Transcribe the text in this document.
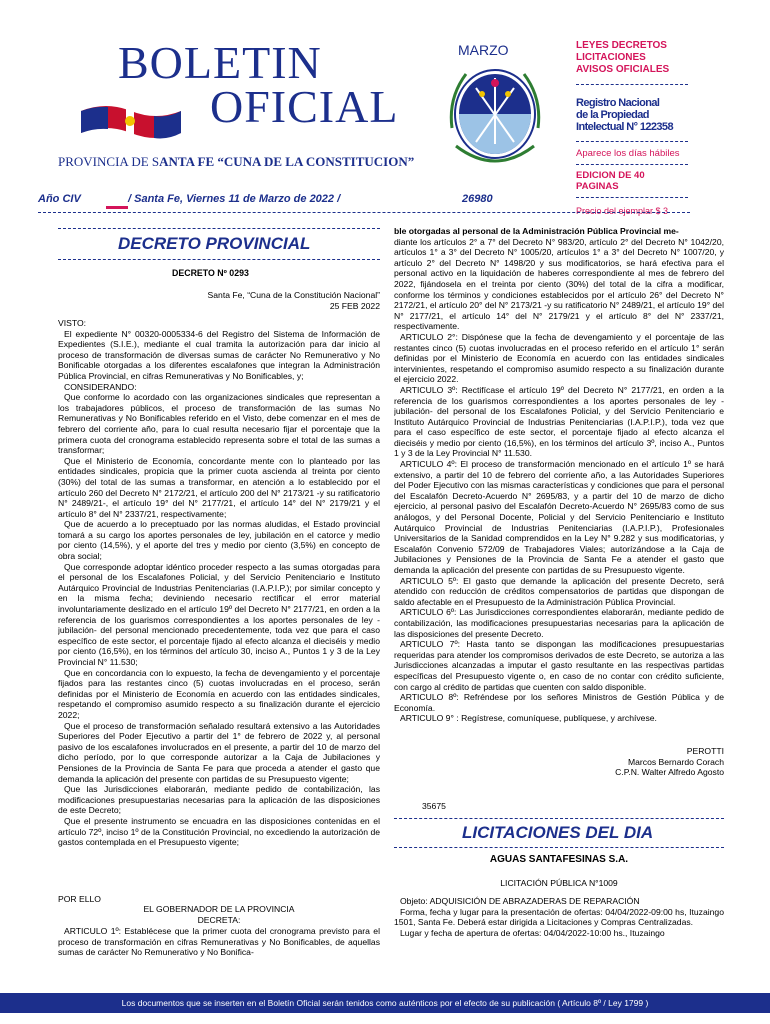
BOLETIN
OFICIAL
PROVINCIA DE SANTA FE “CUNA DE LA CONSTITUCION”
MARZO	LEYES DECRETOS
LICITACIONES
AVISOS OFICIALES
Registro Nacional
de la Propiedad
Intelectual N° 122358
Aparece los días hábiles
EDICION DE 40 PAGINAS
Precio del ejemplar $ 3
Año CIV	/ Santa Fe, Viernes 11 de Marzo de 2022 /	26980
DECRETO PROVINCIAL
DECRETO Nº 0293
Santa Fe, “Cuna de la Constitución Nacional”
25 FEB 2022

VISTO:

El expediente N° 00320-0005334-6 del Registro del Sistema de Información de Expedientes (S.I.E.), mediante el cual tramita la autorización para dar inicio al proceso de transformación de diversas sumas de carácter No Remunerativo y No Bonificable otorgadas a los diferentes escalafones que integran la Administración Pública Provincial, en cifras Remunerativas y No Bonificables, y;

CONSIDERANDO:

Que conforme lo acordado con las organizaciones sindicales que representan a los trabajadores públicos, el proceso de transformación de las sumas No Remunerativas y No Bonificables referido en el Visto, debe comenzar en el mes de febrero del corriente año, para lo cual resulta necesario fijar el porcentaje que la primera cuota del cronograma establecido representa sobre el total de las sumas a transformar;

Que el Ministerio de Economía, concordante mente con lo planteado por las entidades sindicales, propicia que la primer cuota ascienda al treinta por ciento (30%) del total de las sumas a transformar, en atención a lo establecido por el artículo 260 del Decreto N° 2172/21, el artículo 200 del N° 2173/21 -y su ratificatorio N° 2489/21-, el artículo 19° del N° 2177/21, el artículo 14° del N° 2179/21 y el artículo 8° del N° 2337/21, respectivamente;

Que de acuerdo a lo preceptuado por las normas aludidas, el Estado provincial tomará a su cargo los aportes personales de ley, jubilación en el catorce y medio por ciento (14,5%), y el aporte del tres y medio por ciento (3,5%) en concepto de obra social;

Que corresponde adoptar idéntico proceder respecto a las sumas otorgadas para el personal de los Escalafones Policial, y del Servicio Penitenciario e Instituto Autárquico Provincial de Industrias Penitenciarias (I.A.P.I.P.); por similar concepto y en la misma fecha; deviniendo necesario rectificar el error material involuntariamente deslizado en el artículo 19º del Decreto N° 2177/21, en orden a la referencia de los guarismos correspondientes a los aportes personales de ley -jubilación- del personal mencionado precedentemente, toda vez que para el caso específico de este sector, el porcentaje fijado al efecto alcanza el dieciséis y medio por ciento (16,5%), en los términos del artículo 30, inciso A., Puntos 1 y 3 de la Ley Provincial N° 11.530;

Que en concordancia con lo expuesto, la fecha de devengamiento y el porcentaje fijados para las restantes cinco (5) cuotas involucradas en el proceso, serán definidas por el Ministerio de Economía en acuerdo con las entidades sindicales, respetando el compromiso asumido respecto a su finalización durante el ejercicio 2022;

Que el proceso de transformación señalado resultará extensivo a las Autoridades Superiores del Poder Ejecutivo a partir del 1° de febrero de 2022 y, al personal pasivo de los escalafones involucrados en el presente, a partir del 10 de marzo del dicho período, por lo que corresponde autorizar a la Caja de Jubilaciones y Pensiones de la Provincia de Santa Fe para que proceda a atender el gasto que demanda la aplicación del presente con partidas de su Presupuesto vigente;

Que las Jurisdicciones elaborarán, mediante pedido de contabilización, las modificaciones presupuestarias necesarias para la aplicación de las disposiciones de este Decreto;

Que el presente instrumento se encuadra en las disposiciones contenidas en el artículo 72º, inciso 1º de la Constitución Provincial, no excediendo la autorización de gastos contemplada en el Presupuesto vigente;

POR ELLO
EL GOBERNADOR DE LA PROVINCIA
DECRETA:
ARTICULO 1º: Establécese que la primer cuota del cronograma previsto para el proceso de transformación en cifras Remunerativas y No Bonificables, de aquellas sumas de carácter No Remunerativo y No Bonifica-

ble otorgadas al personal de la Administración Pública Provincial me-

diante los artículos 2° a 7° del Decreto N° 983/20, artículo 2° del Decreto N° 1042/20, artículos 1° a 3° del Decreto N° 1005/20, artículos 1° a 3° del Decreto N° 1007/20, y artículo 2° del Decreto N° 1498/20 y sus modificatorios, se hará efectiva para el personal activo en la liquidación de haberes correspondiente al mes de febrero del 2022, fijándosela en el treinta por ciento (30%) del total de la cifra a modificar, conforme los términos y condiciones establecidos por el artículo 26° del Decreto N° 2172/21, el artículo 20° del N° 2173/21 -y su ratificatorio N° 2489/21, el artículo 19° del N° 2177/21, el artículo 14° del N° 2179/21 y el artículo 8° del N° 2337/21, respectivamente.

ARTICULO 2°: Dispónese que la fecha de devengamiento y el porcentaje de las restantes cinco (5) cuotas involucradas en el proceso referido en el artículo 1° serán definidas por el Ministerio de Economía en acuerdo con las entidades sindicales intervinientes, respetando el compromiso asumido respecto a su finalización durante el ejercicio 2022.

ARTICULO 3º: Rectifícase el artículo 19º del Decreto N° 2177/21, en orden a la referencia de los guarismos correspondientes a los aportes personales de ley -jubilación- del personal de los Escalafones Policial, y del Servicio Penitenciario e Instituto Autárquico Provincial de Industrias Penitenciarias (I.A.P.I.P.), toda vez que para el caso específico de este sector, el porcentaje fijado al efecto alcanza el dieciséis y medio por ciento (16,5%), en los términos del artículo 3º, inciso A., Puntos 1 y 3 de la Ley Provincial N° 11.530.

ARTICULO 4º: El proceso de transformación mencionado en el artículo 1º se hará extensivo, a partir del 10 de febrero del corriente año, a las Autoridades Superiores del Poder Ejecutivo con las mismas características y condiciones que para el personal del Escalafón Decreto-Acuerdo N° 2695/83, y a partir del 10 de marzo de dicho ejercicio, al personal pasivo del Escalafón Decreto-Acuerdo N° 2695/83 como de sus análogos, y del Personal Docente, Policial y del Servicio Penitenciario e Instituto Autárquico Provincial de Industrias Penitenciarias (I.A.P.I.P.), Profesionales Universitarios de la Sanidad comprendidos en la Ley N° 9.282 y sus modificatorias, y Escalafón Convenio 572/09 de Trabajadores Viales; autorízándose a la Caja de Jubilaciones y Pensiones de la Provincia de Santa Fe a atender el gasto que demanda la aplicación del presente con partidas de su Presupuesto vigente.

ARTICULO 5º: El gasto que demande la aplicación del presente Decreto, será atendido con reducción de créditos compensatorios de partidas que dispongan de saldo afectable en el Presupuesto de la Administración Pública Provincial.

ARTICULO 6º: Las Jurisdicciones correspondientes elaborarán, mediante pedido de contabilización, las modificaciones presupuestarias necesarias para la aplicación de las disposiciones del presente Decreto.

ARTICULO 7º: Hasta tanto se dispongan las modificaciones presupuestarias requeridas para atender los compromisos derivados de este Decreto, se autoriza a las Jurisdicciones alcanzadas a imputar el gasto resultante en las respectivas partidas específicas del Presupuesto vigente o, en caso de no contar con crédito suficiente, con cargo al crédito de partidas que cuenten con saldo disponible.

ARTICULO 8º: Refréndese por los señores Ministros de Gestión Pública y de Economía.

ARTICULO 9° : Regístrese, comuníquese, publíquese, y archívese.

PEROTTI
Marcos Bernardo Corach
C.P.N. Walter Alfredo Agosto
35675
LICITACIONES DEL DIA
AGUAS SANTAFESINAS S.A.
LICITACIÓN PÚBLICA N°1009

Objeto: ADQUISICIÓN DE ABRAZADERAS DE REPARACIÓN

Forma, fecha y lugar para la presentación de ofertas: 04/04/2022-09:00 hs, Ituzaingo 1501, Santa Fe. Deberá estar dirigida a Licitaciones y Compras Centralizadas.

Lugar y fecha de apertura de ofertas: 04/04/2022-10:00 hs., Ituzaingo

Los documentos que se inserten en el Boletín Oficial serán tenidos como auténticos por el efecto de su publicación ( Artículo 8º / Ley 1799 )
